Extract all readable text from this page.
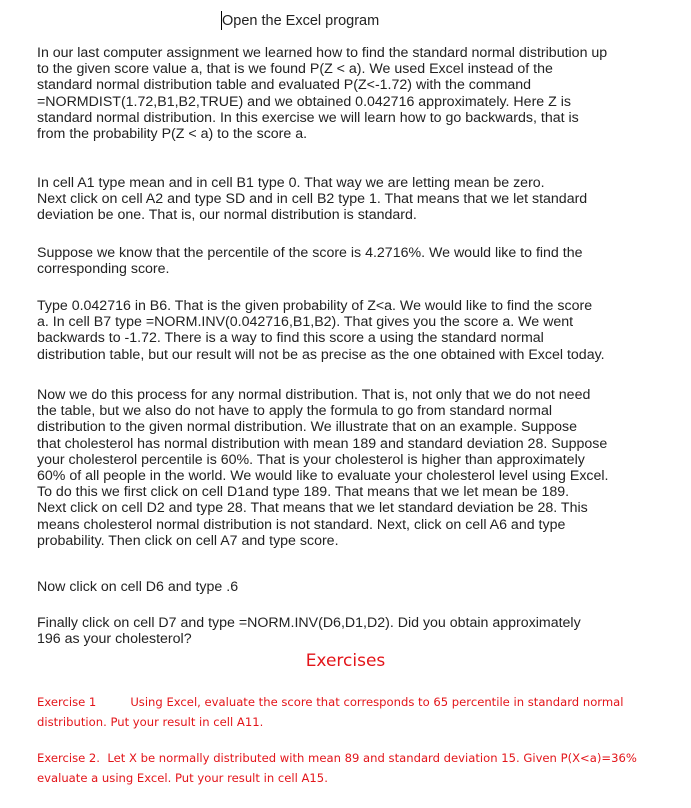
Open the Excel program
In our last computer assignment we learned how to find the standard normal distribution up
to the given score value a, that is we found P(Z < a). We used Excel instead of the
standard normal distribution table and evaluated P(Z<-1.72) with the command
=NORMDIST(1.72,B1,B2,TRUE) and we obtained 0.042716 approximately. Here Z is
standard normal distribution. In this exercise we will learn how to go backwards, that is
from the probability P(Z < a) to the score a.
In cell A1 type mean and in cell B1 type 0. That way we are letting mean be zero.
Next click on cell A2 and type SD and in cell B2 type 1. That means that we let standard
deviation be one. That is, our normal distribution is standard.
Suppose we know that the percentile of the score is 4.2716%. We would like to find the
corresponding score.
Type 0.042716 in B6. That is the given probability of Z<a. We would like to find the score
a. In cell B7 type =NORM.INV(0.042716,B1,B2). That gives you the score a. We went
backwards to -1.72. There is a way to find this score a using the standard normal
distribution table, but our result will not be as precise as the one obtained with Excel today.
Now we do this process for any normal distribution. That is, not only that we do not need
the table, but we also do not have to apply the formula to go from standard normal
distribution to the given normal distribution. We illustrate that on an example. Suppose
that cholesterol has normal distribution with mean 189 and standard deviation 28. Suppose
your cholesterol percentile is 60%. That is your cholesterol is higher than approximately
60% of all people in the world. We would like to evaluate your cholesterol level using Excel.
To do this we first click on cell D1and type 189. That means that we let mean be 189.
Next click on cell D2 and type 28. That means that we let standard deviation be 28. This
means cholesterol normal distribution is not standard. Next, click on cell A6 and type
probability. Then click on cell A7 and type score.
Now click on cell D6 and type .6
Finally click on cell D7 and type =NORM.INV(D6,D1,D2). Did you obtain approximately
196 as your cholesterol?
Exercises
Exercise 1	Using Excel, evaluate the score that corresponds to 65 percentile in standard normal
distribution. Put your result in cell A11.
Exercise 2. Let X be normally distributed with mean 89 and standard deviation 15. Given P(X<a)=36%
evaluate a using Excel. Put your result in cell A15.
